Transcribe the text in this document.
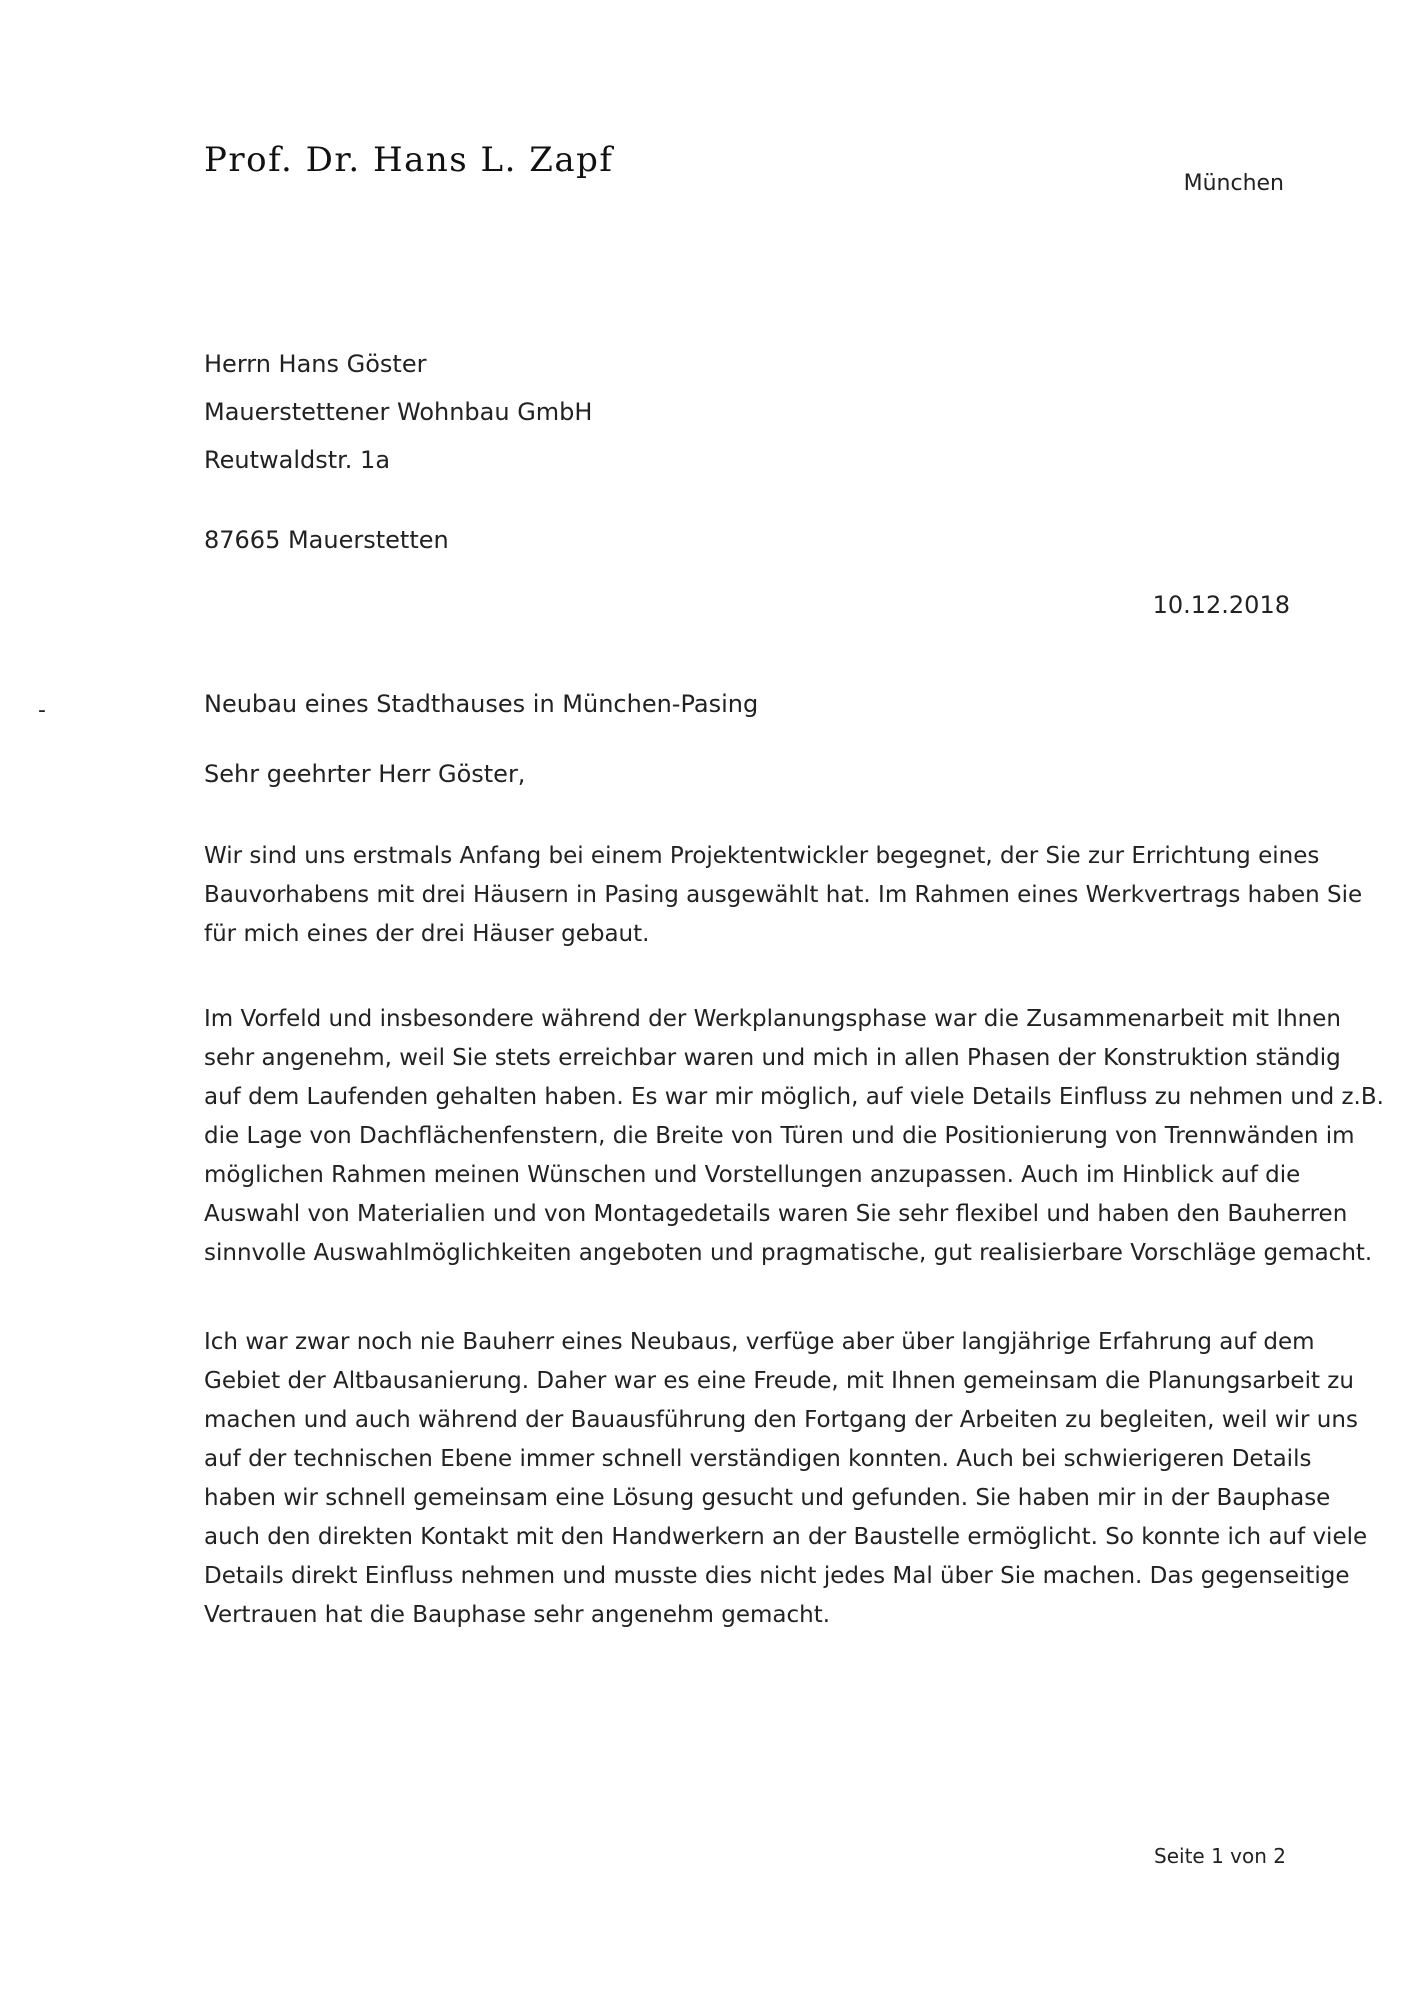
Prof. Dr. Hans L. Zapf
München
Herrn Hans Göster
Mauerstettener Wohnbau GmbH
Reutwaldstr. 1a
87665 Mauerstetten
10.12.2018
-	Neubau eines Stadthauses in München-Pasing
Sehr geehrter Herr Göster,
Wir sind uns erstmals Anfang bei einem Projektentwickler begegnet, der Sie zur Errichtung eines
Bauvorhabens mit drei Häusern in Pasing ausgewählt hat. Im Rahmen eines Werkvertrags haben Sie
für mich eines der drei Häuser gebaut.
Im Vorfeld und insbesondere während der Werkplanungsphase war die Zusammenarbeit mit Ihnen
sehr angenehm, weil Sie stets erreichbar waren und mich in allen Phasen der Konstruktion ständig
auf dem Laufenden gehalten haben. Es war mir möglich, auf viele Details Einfluss zu nehmen und z.B.
die Lage von Dachflächenfenstern, die Breite von Türen und die Positionierung von Trennwänden im
möglichen Rahmen meinen Wünschen und Vorstellungen anzupassen. Auch im Hinblick auf die
Auswahl von Materialien und von Montagedetails waren Sie sehr flexibel und haben den Bauherren
sinnvolle Auswahlmöglichkeiten angeboten und pragmatische, gut realisierbare Vorschläge gemacht.
Ich war zwar noch nie Bauherr eines Neubaus, verfüge aber über langjährige Erfahrung auf dem
Gebiet der Altbausanierung. Daher war es eine Freude, mit Ihnen gemeinsam die Planungsarbeit zu
machen und auch während der Bauausführung den Fortgang der Arbeiten zu begleiten, weil wir uns
auf der technischen Ebene immer schnell verständigen konnten. Auch bei schwierigeren Details
haben wir schnell gemeinsam eine Lösung gesucht und gefunden. Sie haben mir in der Bauphase
auch den direkten Kontakt mit den Handwerkern an der Baustelle ermöglicht. So konnte ich auf viele
Details direkt Einfluss nehmen und musste dies nicht jedes Mal über Sie machen. Das gegenseitige
Vertrauen hat die Bauphase sehr angenehm gemacht.
Seite 1 von 2
